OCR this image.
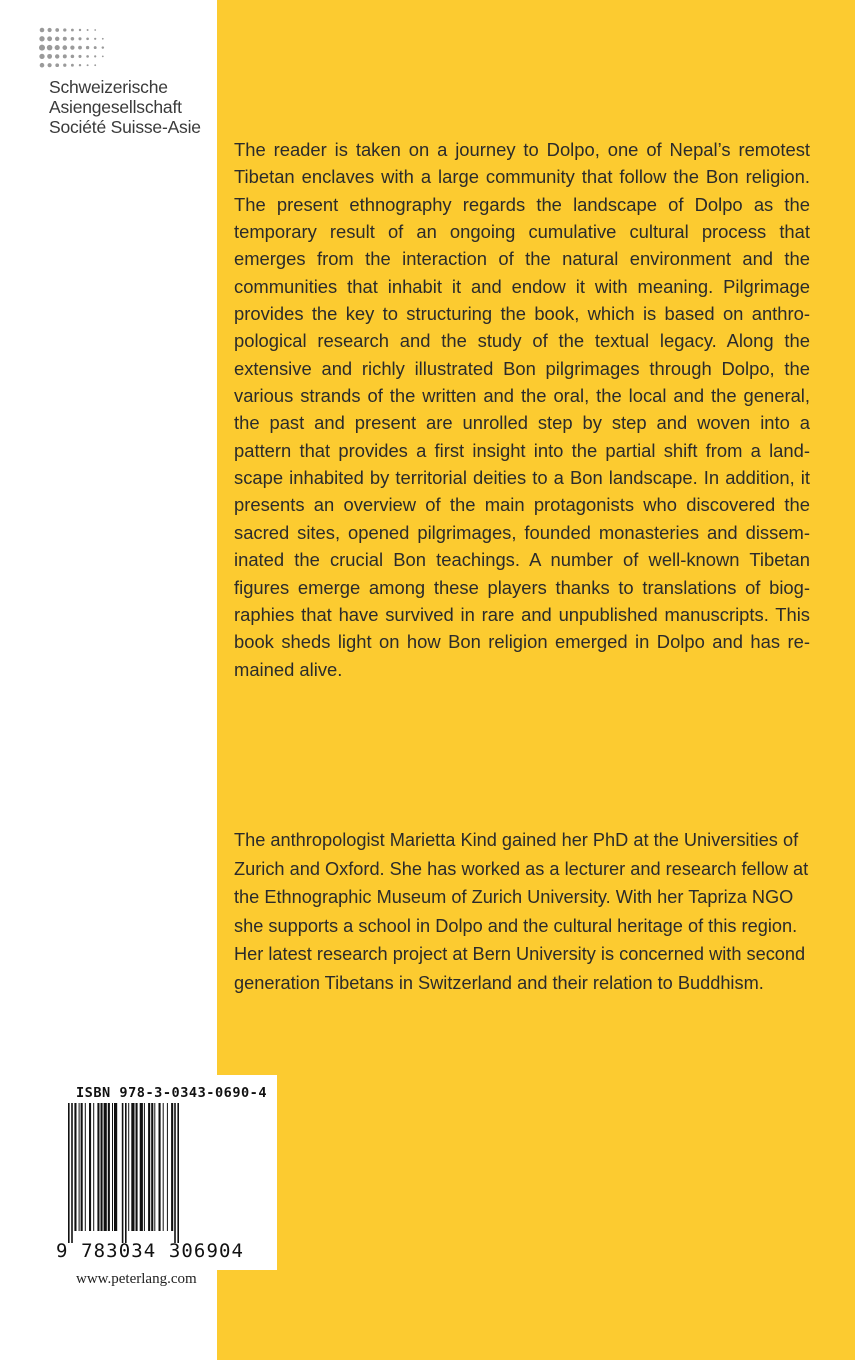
Schweizerische
Asiengesellschaft
Société Suisse-Asie

The reader is taken on a journey to Dolpo, one of Nepal’s remotest Tibetan enclaves with a large community that follow the Bon religion. The present ethnography regards the landscape of Dolpo as the temporary result of an ongoing cumulative cultural process that emerges from the interaction of the natural environment and the communities that inhabit it and endow it with meaning. Pilgrimage provides the key to structuring the book, which is based on anthropological research and the study of the textual legacy. Along the extensive and richly illustrated Bon pilgrimages through Dolpo, the various strands of the written and the oral, the local and the general, the past and present are unrolled step by step and woven into a pattern that provides a first insight into the partial shift from a landscape inhabited by territorial deities to a Bon landscape. In addition, it presents an overview of the main protagonists who discovered the sacred sites, opened pilgrimages, founded monasteries and disseminated the crucial Bon teachings. A number of well-known Tibetan figures emerge among these players thanks to translations of biographies that have survived in rare and unpublished manuscripts. This book sheds light on how Bon religion emerged in Dolpo and has remained alive.

The anthropologist Marietta Kind gained her PhD at the Universities of Zurich and Oxford. She has worked as a lecturer and research fellow at the Ethnographic Museum of Zurich University. With her Tapriza NGO she supports a school in Dolpo and the cultural heritage of this region. Her latest research project at Bern University is concerned with second generation Tibetans in Switzerland and their relation to Buddhism.

ISBN 978-3-0343-0690-4
9 783034 306904
www.peterlang.com
